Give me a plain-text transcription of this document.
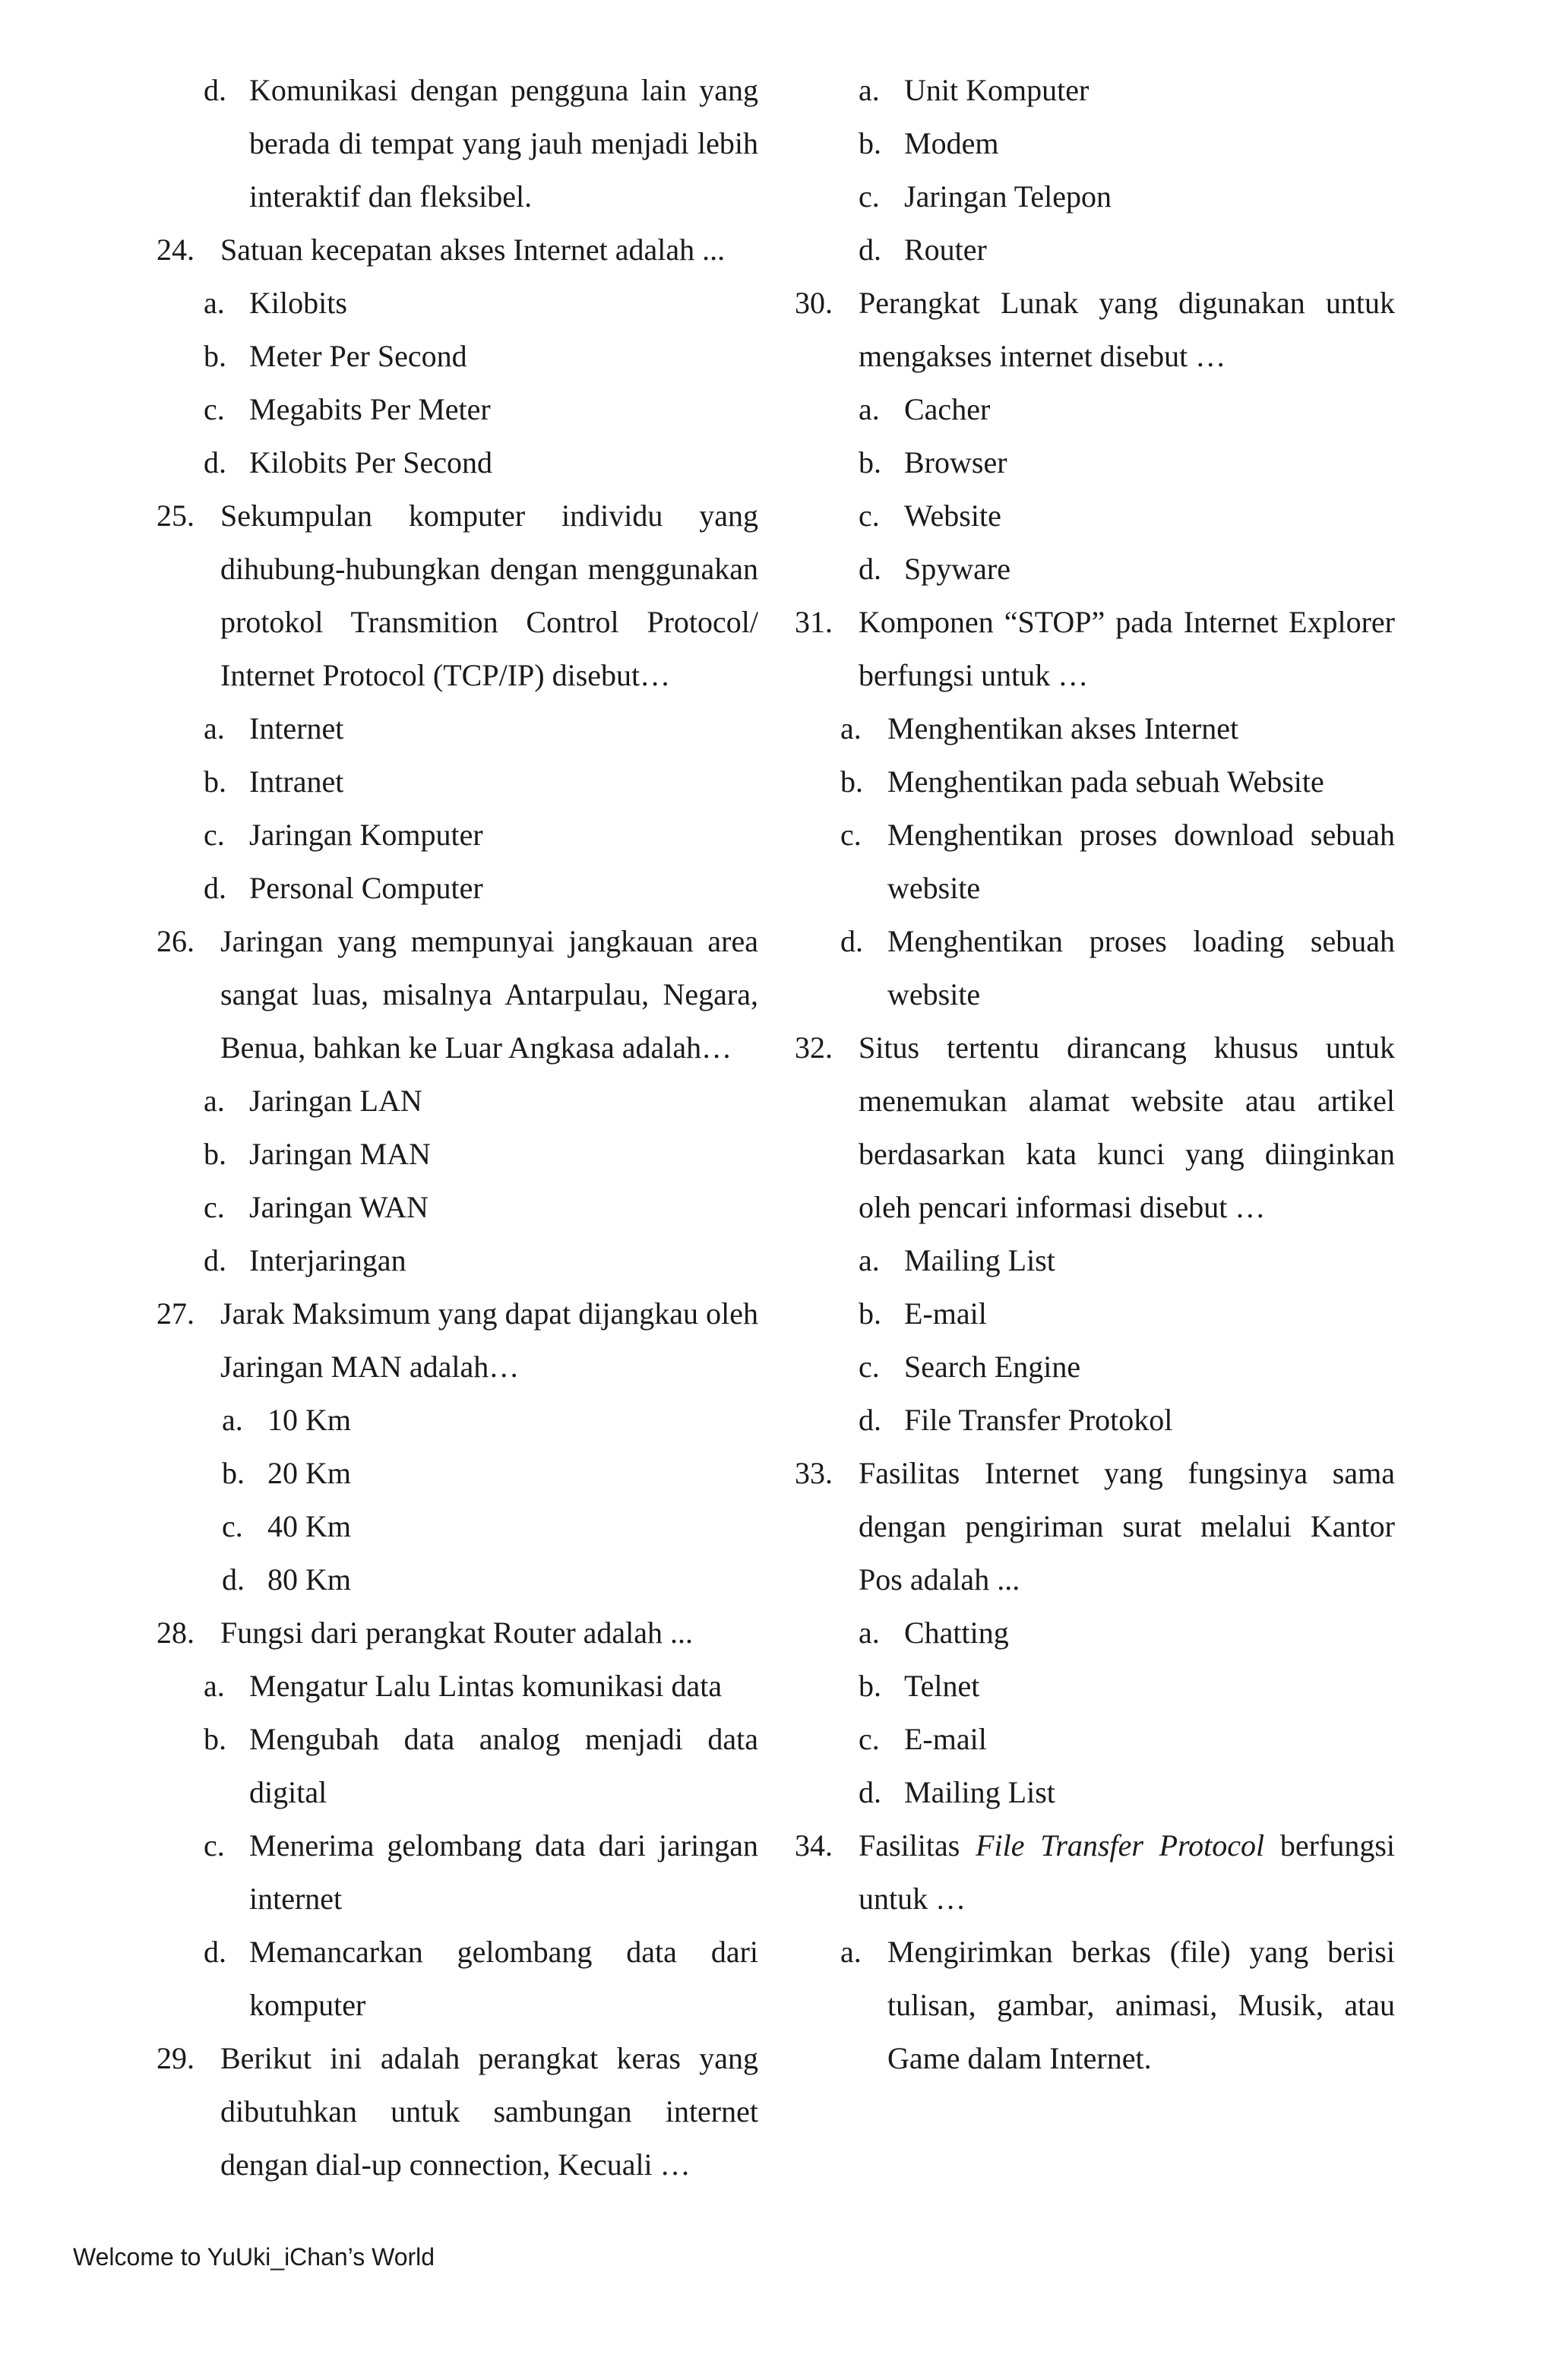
d. Komunikasi dengan pengguna lain yang berada di tempat yang jauh menjadi lebih interaktif dan fleksibel.
24. Satuan kecepatan akses Internet adalah ...
a. Kilobits
b. Meter Per Second
c. Megabits Per Meter
d. Kilobits Per Second
25. Sekumpulan komputer individu yang dihubung-hubungkan dengan menggunakan protokol Transmition Control Protocol/ Internet Protocol (TCP/IP) disebut…
a. Internet
b. Intranet
c. Jaringan Komputer
d. Personal Computer
26. Jaringan yang mempunyai jangkauan area sangat luas, misalnya Antarpulau, Negara, Benua, bahkan ke Luar Angkasa adalah…
a. Jaringan LAN
b. Jaringan MAN
c. Jaringan WAN
d. Interjaringan
27. Jarak Maksimum yang dapat dijangkau oleh Jaringan MAN adalah…
a. 10 Km
b. 20 Km
c. 40 Km
d. 80 Km
28. Fungsi dari perangkat Router adalah ...
a. Mengatur Lalu Lintas komunikasi data
b. Mengubah data analog menjadi data digital
c. Menerima gelombang data dari jaringan internet
d. Memancarkan gelombang data dari komputer
29. Berikut ini adalah perangkat keras yang dibutuhkan untuk sambungan internet dengan dial-up connection, Kecuali …
a. Unit Komputer
b. Modem
c. Jaringan Telepon
d. Router
30. Perangkat Lunak yang digunakan untuk mengakses internet disebut …
a. Cacher
b. Browser
c. Website
d. Spyware
31. Komponen “STOP” pada Internet Explorer berfungsi untuk …
a. Menghentikan akses Internet
b. Menghentikan pada sebuah Website
c. Menghentikan proses download sebuah website
d. Menghentikan proses loading sebuah website
32. Situs tertentu dirancang khusus untuk menemukan alamat website atau artikel berdasarkan kata kunci yang diinginkan oleh pencari informasi disebut …
a. Mailing List
b. E-mail
c. Search Engine
d. File Transfer Protokol
33. Fasilitas Internet yang fungsinya sama dengan pengiriman surat melalui Kantor Pos adalah ...
a. Chatting
b. Telnet
c. E-mail
d. Mailing List
34. Fasilitas File Transfer Protocol berfungsi untuk …
a. Mengirimkan berkas (file) yang berisi tulisan, gambar, animasi, Musik, atau Game dalam Internet.
Welcome to YuUki_iChan’s World
